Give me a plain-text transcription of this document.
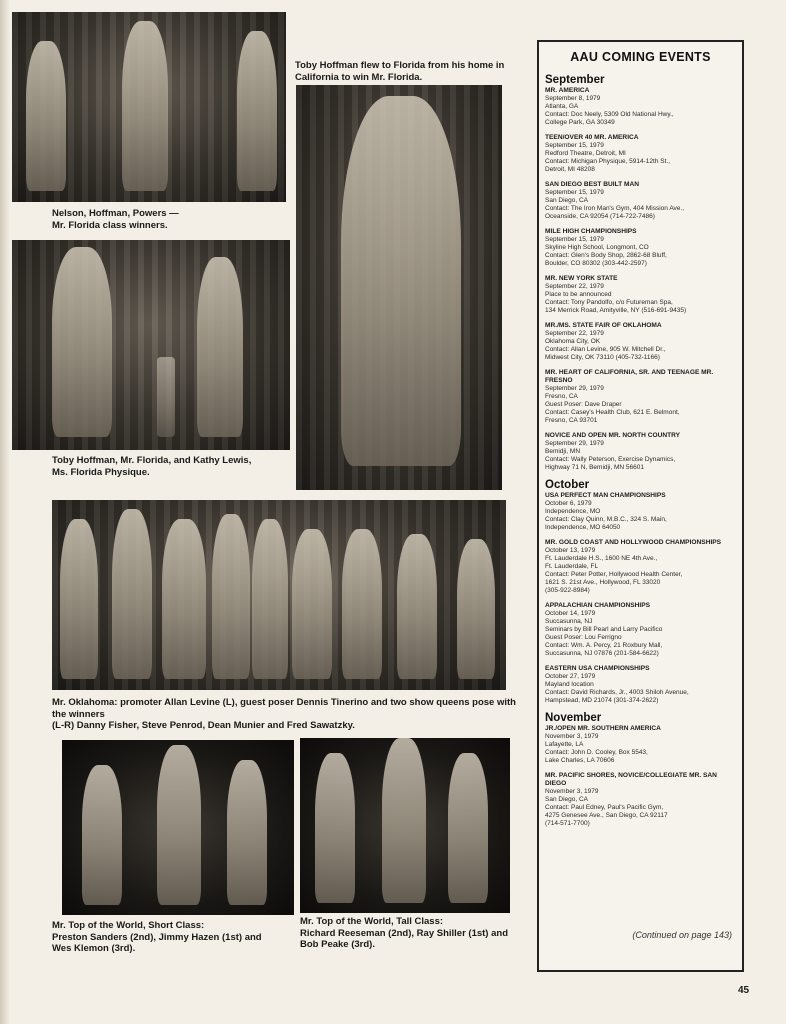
Nelson, Hoffman, Powers —
Mr. Florida class winners.
Toby Hoffman, Mr. Florida, and Kathy Lewis,
Ms. Florida Physique.
Toby Hoffman flew to Florida from his home in
California to win Mr. Florida.
Mr. Oklahoma: promoter Allan Levine (L), guest poser Dennis Tinerino and two show queens pose with the winners
(L-R) Danny Fisher, Steve Penrod, Dean Munier and Fred Sawatzky.
Mr. Top of the World, Short Class:
Preston Sanders (2nd), Jimmy Hazen (1st) and
Wes Klemon (3rd).
Mr. Top of the World, Tall Class:
Richard Reeseman (2nd), Ray Shiller (1st) and
Bob Peake (3rd).
AAU COMING EVENTS
September
MR. AMERICA
September 8, 1979
Atlanta, GA
Contact: Doc Neely, 5309 Old National Hwy.,
College Park, GA 30349
TEEN/OVER 40 MR. AMERICA
September 15, 1979
Redford Theatre, Detroit, MI
Contact: Michigan Physique, 5914-12th St.,
Detroit, MI 48208
SAN DIEGO BEST BUILT MAN
September 15, 1979
San Diego, CA
Contact: The Iron Man's Gym, 404 Mission Ave.,
Oceanside, CA 92054 (714-722-7486)
MILE HIGH CHAMPIONSHIPS
September 15, 1979
Skyline High School, Longmont, CO
Contact: Glen's Body Shop, 2862-68 Bluff,
Boulder, CO 80302 (303-442-2597)
MR. NEW YORK STATE
September 22, 1979
Place to be announced
Contact: Tony Pandolfo, c/o Futureman Spa,
134 Merrick Road, Amityville, NY (516-691-9435)
MR./MS. STATE FAIR OF OKLAHOMA
September 22, 1979
Oklahoma City, OK
Contact: Allan Levine, 905 W. Mitchell Dr.,
Midwest City, OK 73110 (405-732-1166)
MR. HEART OF CALIFORNIA, SR. AND TEENAGE MR. FRESNO
September 29, 1979
Fresno, CA
Guest Poser: Dave Draper
Contact: Casey's Health Club, 621 E. Belmont,
Fresno, CA 93701
NOVICE AND OPEN MR. NORTH COUNTRY
September 29, 1979
Bemidji, MN
Contact: Wally Peterson, Exercise Dynamics,
Highway 71 N, Bemidji, MN 56601
October
USA PERFECT MAN CHAMPIONSHIPS
October 6, 1979
Independence, MO
Contact: Clay Quinn, M.B.C., 324 S. Main,
Independence, MO 64050
MR. GOLD COAST AND HOLLYWOOD CHAMPIONSHIPS
October 13, 1979
Ft. Lauderdale H.S., 1600 NE 4th Ave.,
Ft. Lauderdale, FL
Contact: Peter Potter, Hollywood Health Center,
1621 S. 21st Ave., Hollywood, FL 33020
(305-922-8984)
APPALACHIAN CHAMPIONSHIPS
October 14, 1979
Succasunna, NJ
Seminars by Bill Pearl and Larry Pacifico
Guest Poser: Lou Ferrigno
Contact: Wm. A. Percy, 21 Roxbury Mall,
Succasunna, NJ 07876 (201-584-6622)
EASTERN USA CHAMPIONSHIPS
October 27, 1979
Mayland location
Contact: David Richards, Jr., 4003 Shiloh Avenue,
Hampstead, MD 21074 (301-374-2622)
November
JR./OPEN MR. SOUTHERN AMERICA
November 3, 1979
Lafayette, LA
Contact: John D. Cooley, Box 5543,
Lake Charles, LA 70606
MR. PACIFIC SHORES, NOVICE/COLLEGIATE MR. SAN DIEGO
November 3, 1979
San Diego, CA
Contact: Paul Edney, Paul's Pacific Gym,
4275 Genesee Ave., San Diego, CA 92117
(714-571-7700)
(Continued on page 143)
45
